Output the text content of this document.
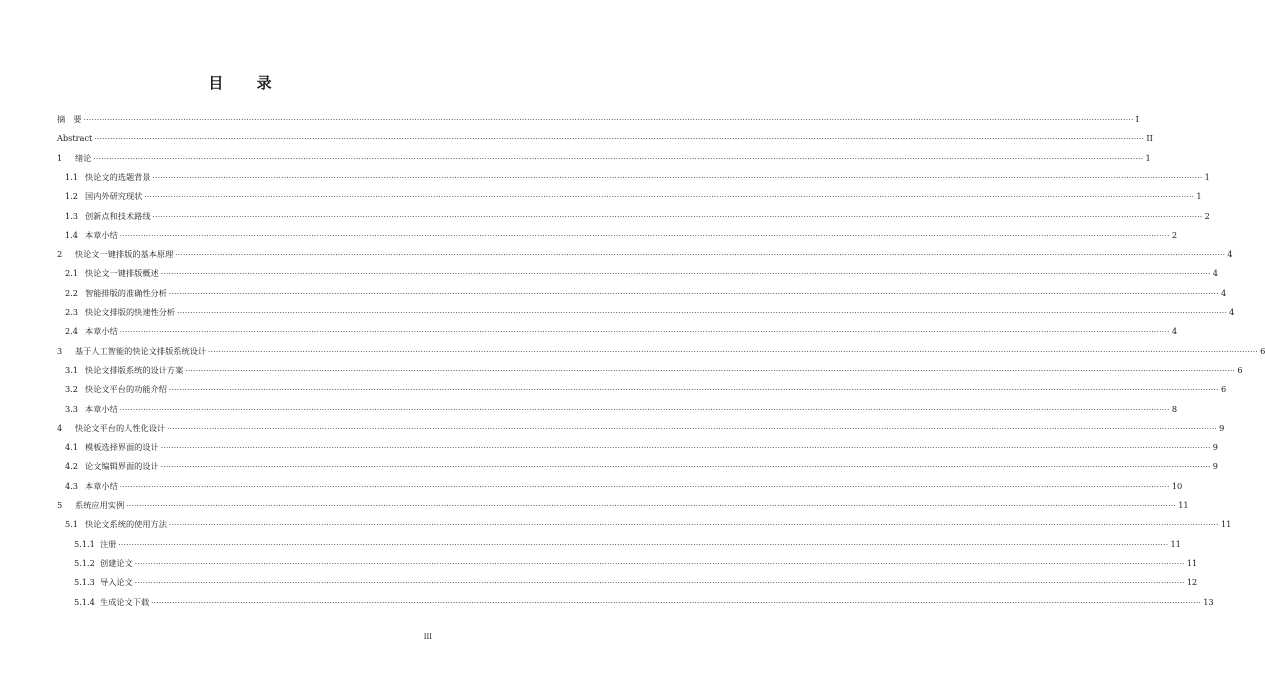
目 录
摘　要 ................................................................................................................................................................................................................................................................................................................................................................................................................ I
Abstract ................................................................................................................................................................................................................................................................................................................................................................................................................ II
1	绪论 ................................................................................................................................................................................................................................................................................................................................................................................................................ 1
1.1 快论文的选题背景 ................................................................................................................................................................................................................................................................................................................................................................................................................ 1
1.2 国内外研究现状 ................................................................................................................................................................................................................................................................................................................................................................................................................ 1
1.3 创新点和技术路线 ................................................................................................................................................................................................................................................................................................................................................................................................................ 2
1.4 本章小结 ................................................................................................................................................................................................................................................................................................................................................................................................................ 2
2	快论文一键排版的基本原理 ................................................................................................................................................................................................................................................................................................................................................................................................................ 4
2.1 快论文一键排版概述 ................................................................................................................................................................................................................................................................................................................................................................................................................ 4
2.2 智能排版的准确性分析 ................................................................................................................................................................................................................................................................................................................................................................................................................ 4
2.3 快论文排版的快速性分析 ................................................................................................................................................................................................................................................................................................................................................................................................................ 4
2.4 本章小结 ................................................................................................................................................................................................................................................................................................................................................................................................................ 4
3	基于人工智能的快论文排版系统设计 ................................................................................................................................................................................................................................................................................................................................................................................................................ 6
3.1 快论文排版系统的设计方案 ................................................................................................................................................................................................................................................................................................................................................................................................................ 6
3.2 快论文平台的功能介绍 ................................................................................................................................................................................................................................................................................................................................................................................................................ 6
3.3 本章小结 ................................................................................................................................................................................................................................................................................................................................................................................................................ 8
4	快论文平台的人性化设计 ................................................................................................................................................................................................................................................................................................................................................................................................................ 9
4.1 模板选择界面的设计 ................................................................................................................................................................................................................................................................................................................................................................................................................ 9
4.2 论文编辑界面的设计 ................................................................................................................................................................................................................................................................................................................................................................................................................ 9
4.3 本章小结 ................................................................................................................................................................................................................................................................................................................................................................................................................ 10
5	系统应用实例 ................................................................................................................................................................................................................................................................................................................................................................................................................ 11
5.1 快论文系统的使用方法 ................................................................................................................................................................................................................................................................................................................................................................................................................ 11
5.1.1 注册 ................................................................................................................................................................................................................................................................................................................................................................................................................ 11
5.1.2 创建论文 ................................................................................................................................................................................................................................................................................................................................................................................................................ 11
5.1.3 导入论文 ................................................................................................................................................................................................................................................................................................................................................................................................................ 12
5.1.4 生成论文下载 ................................................................................................................................................................................................................................................................................................................................................................................................................ 13
III
